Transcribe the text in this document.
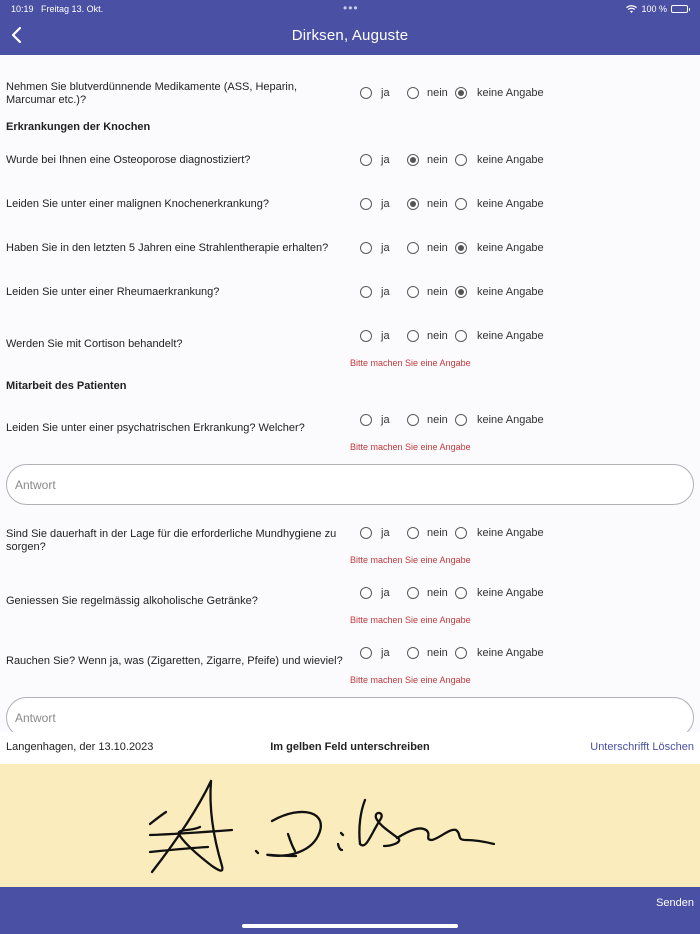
10:19 Freitag 13. Okt.	•••	100 %
Dirksen, Auguste
Nehmen Sie blutverdünnende Medikamente (ASS, Heparin, Marcumar etc.)?
ja	nein	keine Angabe
Erkrankungen der Knochen
Wurde bei Ihnen eine Osteoporose diagnostiziert?	ja	nein	keine Angabe
Leiden Sie unter einer malignen Knochenerkrankung?	ja	nein	keine Angabe
Haben Sie in den letzten 5 Jahren eine Strahlentherapie erhalten?	ja	nein	keine Angabe
Leiden Sie unter einer Rheumaerkrankung?	ja	nein	keine Angabe
Werden Sie mit Cortison behandelt?
ja	nein	keine Angabe
Bitte machen Sie eine Angabe
Mitarbeit des Patienten
Leiden Sie unter einer psychatrischen Erkrankung? Welcher?
ja	nein	keine Angabe
Bitte machen Sie eine Angabe
Antwort
Sind Sie dauerhaft in der Lage für die erforderliche Mundhygiene zu sorgen?
ja	nein	keine Angabe
Bitte machen Sie eine Angabe
Geniessen Sie regelmässig alkoholische Getränke?
ja	nein	keine Angabe
Bitte machen Sie eine Angabe
Rauchen Sie? Wenn ja, was (Zigaretten, Zigarre, Pfeife) und wieviel?
ja	nein	keine Angabe
Bitte machen Sie eine Angabe
Antwort
Langenhagen, der 13.10.2023	Im gelben Feld unterschreiben	Unterschrifft Löschen
Senden
